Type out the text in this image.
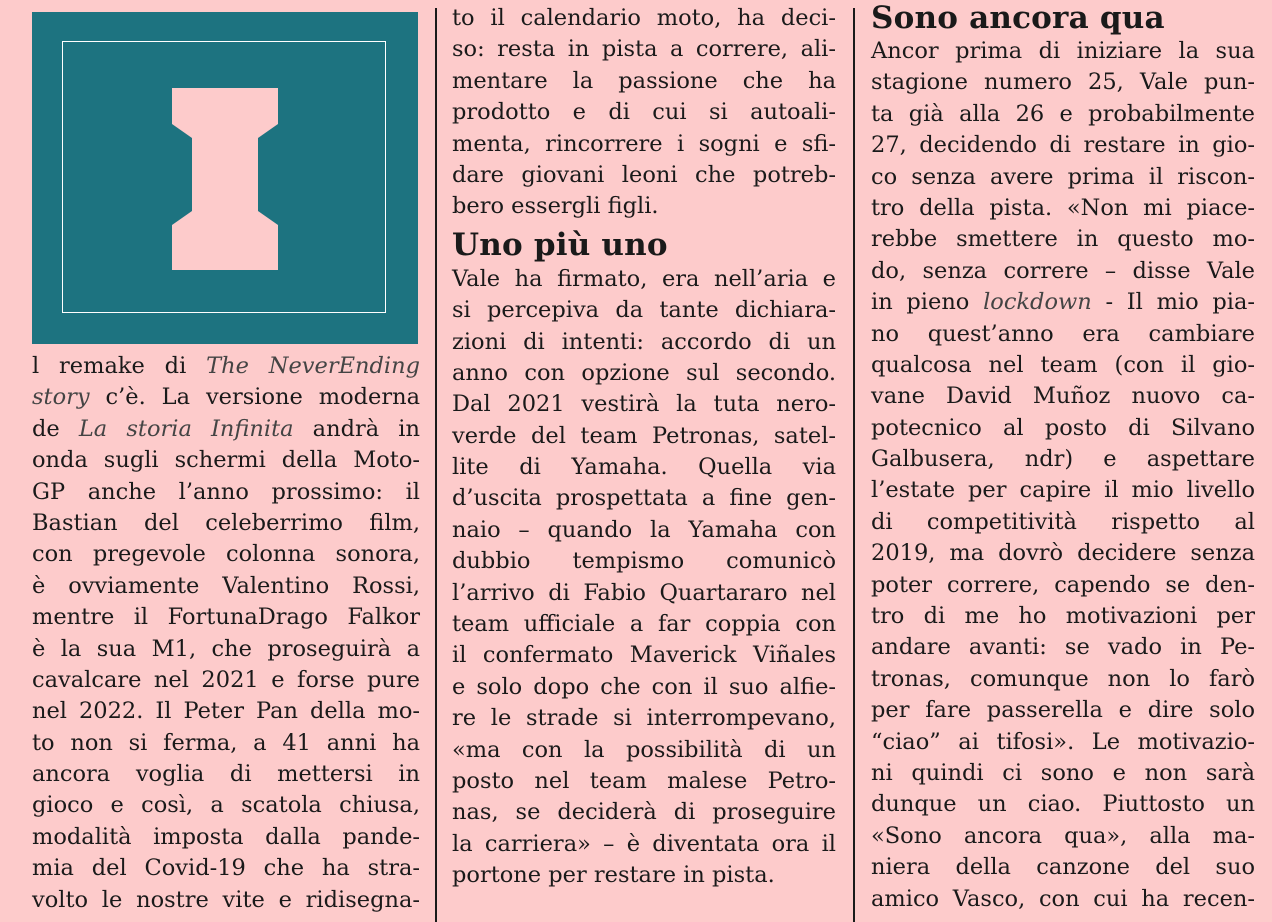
l remake di The NeverEnding
story c’è. La versione moderna
de La storia Infinita andrà in
onda sugli schermi della Moto-
GP anche l’anno prossimo: il
Bastian del celeberrimo film,
con pregevole colonna sonora,
è ovviamente Valentino Rossi,
mentre il FortunaDrago Falkor
è la sua M1, che proseguirà a
cavalcare nel 2021 e forse pure
nel 2022. Il Peter Pan della mo-
to non si ferma, a 41 anni ha
ancora voglia di mettersi in
gioco e così, a scatola chiusa,
modalità imposta dalla pande-
mia del Covid-19 che ha stra-
volto le nostre vite e ridisegna-
to il calendario moto, ha deci-
so: resta in pista a correre, ali-
mentare la passione che ha
prodotto e di cui si autoali-
menta, rincorrere i sogni e sfi-
dare giovani leoni che potreb-
bero essergli figli.
Uno più uno
Vale ha firmato, era nell’aria e
si percepiva da tante dichiara-
zioni di intenti: accordo di un
anno con opzione sul secondo.
Dal 2021 vestirà la tuta nero-
verde del team Petronas, satel-
lite di Yamaha. Quella via
d’uscita prospettata a fine gen-
naio – quando la Yamaha con
dubbio tempismo comunicò
l’arrivo di Fabio Quartararo nel
team ufficiale a far coppia con
il confermato Maverick Viñales
e solo dopo che con il suo alfie-
re le strade si interrompevano,
«ma con la possibilità di un
posto nel team malese Petro-
nas, se deciderà di proseguire
la carriera» – è diventata ora il
portone per restare in pista.
Sono ancora qua
Ancor prima di iniziare la sua
stagione numero 25, Vale pun-
ta già alla 26 e probabilmente
27, decidendo di restare in gio-
co senza avere prima il riscon-
tro della pista. «Non mi piace-
rebbe smettere in questo mo-
do, senza correre – disse Vale
in pieno lockdown - Il mio pia-
no quest’anno era cambiare
qualcosa nel team (con il gio-
vane David Muñoz nuovo ca-
potecnico al posto di Silvano
Galbusera, ndr) e aspettare
l’estate per capire il mio livello
di competitività rispetto al
2019, ma dovrò decidere senza
poter correre, capendo se den-
tro di me ho motivazioni per
andare avanti: se vado in Pe-
tronas, comunque non lo farò
per fare passerella e dire solo
“ciao” ai tifosi». Le motivazio-
ni quindi ci sono e non sarà
dunque un ciao. Piuttosto un
«Sono ancora qua», alla ma-
niera della canzone del suo
amico Vasco, con cui ha recen-
